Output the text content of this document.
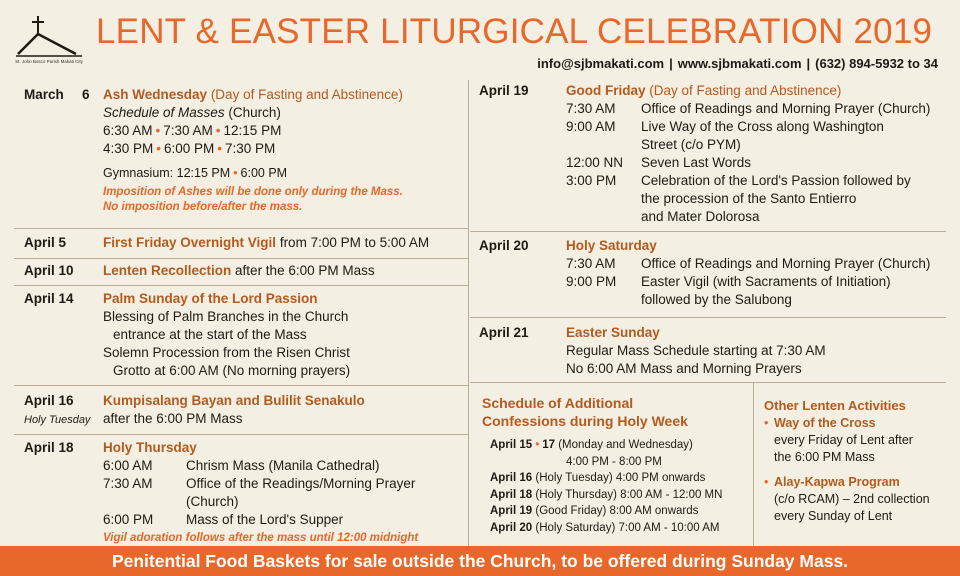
St. John Bosco Parish Makati City
LENT & EASTER LITURGICAL CELEBRATION 2019
info@sjbmakati.com | www.sjbmakati.com | (632) 894-5932 to 34
March 6 Ash Wednesday (Day of Fasting and Abstinence)
Schedule of Masses (Church)
6:30 AM • 7:30 AM • 12:15 PM
4:30 PM • 6:00 PM • 7:30 PM
Gymnasium: 12:15 PM • 6:00 PM
Imposition of Ashes will be done only during the Mass.
No imposition before/after the mass.
April 5	First Friday Overnight Vigil from 7:00 PM to 5:00 AM
April 10 Lenten Recollection after the 6:00 PM Mass
April 14 Palm Sunday of the Lord Passion
Blessing of Palm Branches in the Church
entrance at the start of the Mass
Solemn Procession from the Risen Christ
Grotto at 6:00 AM (No morning prayers)
April 16
Holy Tuesday
Kumpisalang Bayan and Bulilit Senakulo
after the 6:00 PM Mass
April 18 Holy Thursday
6:00 AM	Chrism Mass (Manila Cathedral)
7:30 AM	Office of the Readings/Morning Prayer (Church)
6:00 PM	Mass of the Lord's Supper
Vigil adoration follows after the mass until 12:00 midnight
April 19	Good Friday (Day of Fasting and Abstinence)
7:30 AM	Office of Readings and Morning Prayer (Church)
9:00 AM	Live Way of the Cross along Washington
Street (c/o PYM)
12:00 NN	Seven Last Words
3:00 PM	Celebration of the Lord's Passion followed by
the procession of the Santo Entierro
and Mater Dolorosa
April 20	Holy Saturday
7:30 AM	Office of Readings and Morning Prayer (Church)
9:00 PM	Easter Vigil (with Sacraments of Initiation)
followed by the Salubong
April 21	Easter Sunday
Regular Mass Schedule starting at 7:30 AM
No 6:00 AM Mass and Morning Prayers
Schedule of Additional
Confessions during Holy Week
April 15 • 17 (Monday and Wednesday)
4:00 PM - 8:00 PM
April 16 (Holy Tuesday) 4:00 PM onwards
April 18 (Holy Thursday) 8:00 AM - 12:00 MN
April 19 (Good Friday) 8:00 AM onwards
April 20 (Holy Saturday) 7:00 AM - 10:00 AM
Other Lenten Activities
• Way of the Cross
every Friday of Lent after
the 6:00 PM Mass
• Alay-Kapwa Program
(c/o RCAM) – 2nd collection
every Sunday of Lent
Penitential Food Baskets for sale outside the Church, to be offered during Sunday Mass.
